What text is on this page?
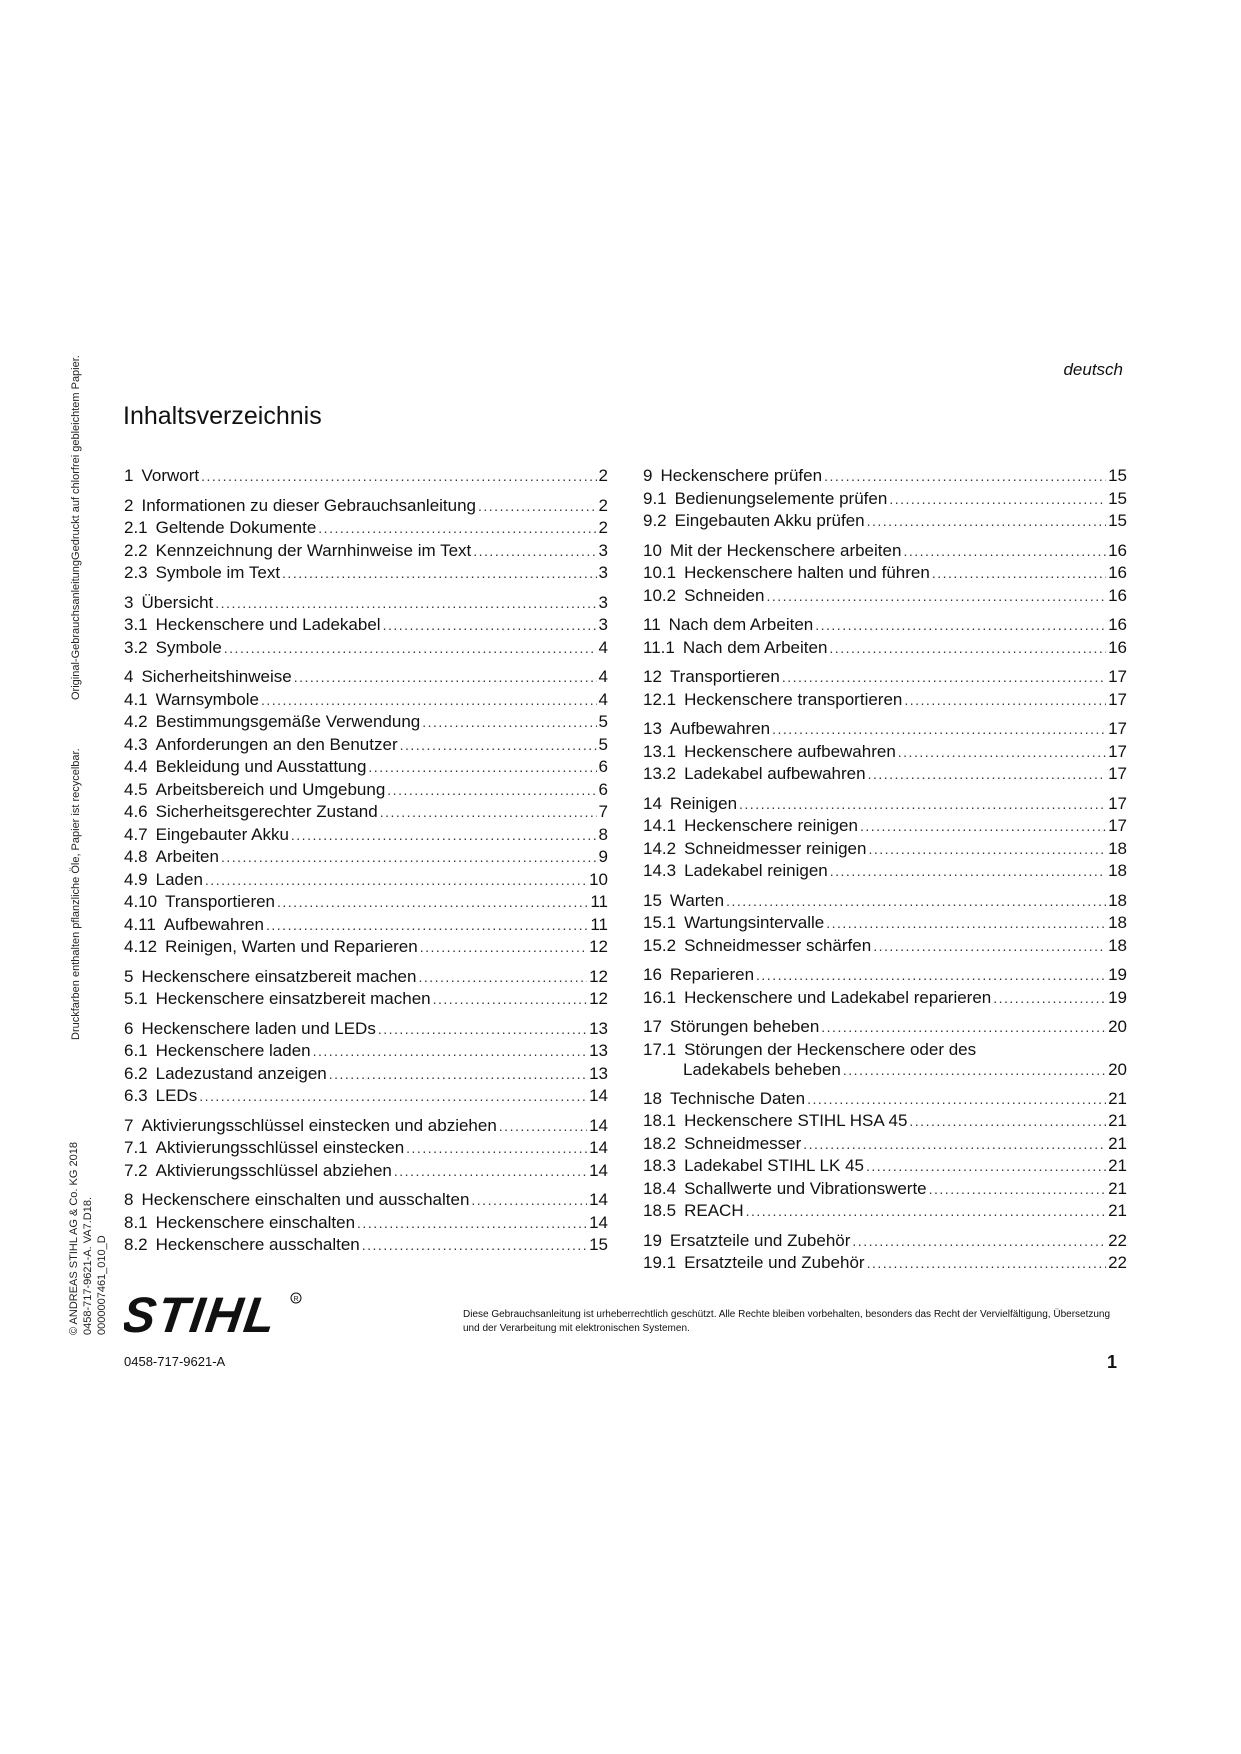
Original-GebrauchsanleitungGedruckt auf chlorfrei gebleichtem Papier.
Druckfarben enthalten pflanzliche Öle, Papier ist recycelbar.
© ANDREAS STIHL AG & Co. KG 2018 0458-717-9621-A. VA7.D18. 0000007461_010_D
deutsch
Inhaltsverzeichnis
1 Vorwort .....	2
2 Informationen zu dieser Gebrauchsanleitung .....	2
2.1 Geltende Dokumente .....	2
2.2 Kennzeichnung der Warnhinweise im Text .....	3
2.3 Symbole im Text .....	3
3 Übersicht .....	3
3.1 Heckenschere und Ladekabel .....	3
3.2 Symbole .....	4
4 Sicherheitshinweise .....	4
4.1 Warnsymbole .....	4
4.2 Bestimmungsgemäße Verwendung .....	5
4.3 Anforderungen an den Benutzer .....	5
4.4 Bekleidung und Ausstattung .....	6
4.5 Arbeitsbereich und Umgebung .....	6
4.6 Sicherheitsgerechter Zustand .....	7
4.7 Eingebauter Akku .....	8
4.8 Arbeiten .....	9
4.9 Laden .....	10
4.10 Transportieren .....	11
4.11 Aufbewahren .....	11
4.12 Reinigen, Warten und Reparieren .....	12
5 Heckenschere einsatzbereit machen .....	12
5.1 Heckenschere einsatzbereit machen .....	12
6 Heckenschere laden und LEDs .....	13
6.1 Heckenschere laden .....	13
6.2 Ladezustand anzeigen .....	13
6.3 LEDs .....	14
7 Aktivierungsschlüssel einstecken und abziehen .....	14
7.1 Aktivierungsschlüssel einstecken .....	14
7.2 Aktivierungsschlüssel abziehen .....	14
8 Heckenschere einschalten und ausschalten .....	14
8.1 Heckenschere einschalten .....	14
8.2 Heckenschere ausschalten .....	15
9 Heckenschere prüfen .....	15
9.1 Bedienungselemente prüfen .....	15
9.2 Eingebauten Akku prüfen .....	15
10 Mit der Heckenschere arbeiten .....	16
10.1 Heckenschere halten und führen .....	16
10.2 Schneiden .....	16
11 Nach dem Arbeiten .....	16
11.1 Nach dem Arbeiten .....	16
12 Transportieren .....	17
12.1 Heckenschere transportieren .....	17
13 Aufbewahren .....	17
13.1 Heckenschere aufbewahren .....	17
13.2 Ladekabel aufbewahren .....	17
14 Reinigen .....	17
14.1 Heckenschere reinigen .....	17
14.2 Schneidmesser reinigen .....	18
14.3 Ladekabel reinigen .....	18
15 Warten .....	18
15.1 Wartungsintervalle .....	18
15.2 Schneidmesser schärfen .....	18
16 Reparieren .....	19
16.1 Heckenschere und Ladekabel reparieren .....	19
17 Störungen beheben .....	20
17.1 Störungen der Heckenschere oder des
Ladekabels beheben .....	20
18 Technische Daten .....	21
18.1 Heckenschere STIHL HSA 45 .....	21
18.2 Schneidmesser .....	21
18.3 Ladekabel STIHL LK 45 .....	21
18.4 Schallwerte und Vibrationswerte .....	21
18.5 REACH .....	21
19 Ersatzteile und Zubehör .....	22
19.1 Ersatzteile und Zubehör .....	22
STIHL R
Diese Gebrauchsanleitung ist urheberrechtlich geschützt. Alle Rechte bleiben vorbehalten, besonders das Recht der Vervielfältigung, Übersetzung und der Verarbeitung mit elektronischen Systemen.
0458-717-9621-A	1
